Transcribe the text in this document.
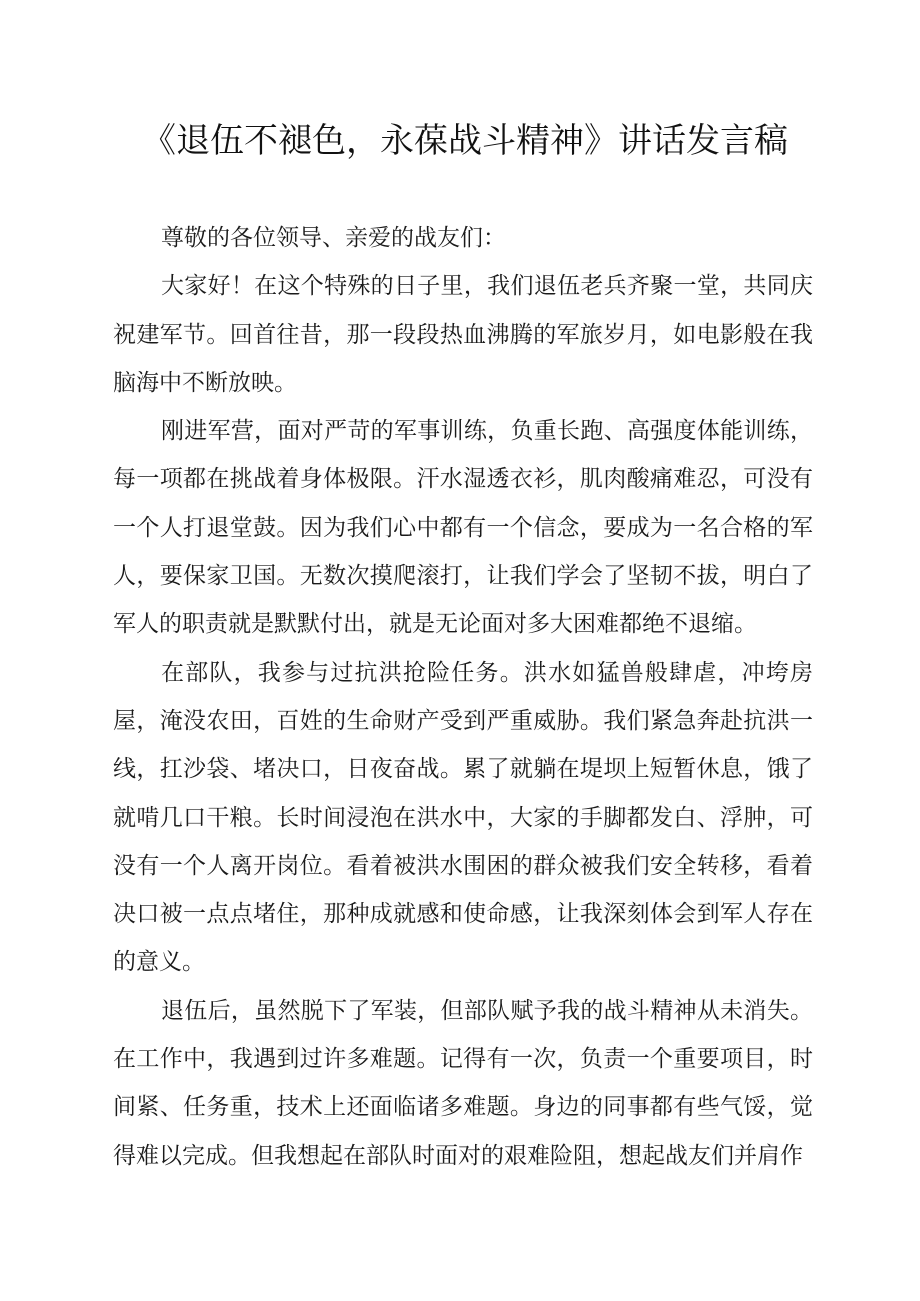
《退伍不褪色，永葆战斗精神》讲话发言稿

尊敬的各位领导、亲爱的战友们：

大家好！在这个特殊的日子里，我们退伍老兵齐聚一堂，共同庆祝建军节。回首往昔，那一段段热血沸腾的军旅岁月，如电影般在我脑海中不断放映。

刚进军营，面对严苛的军事训练，负重长跑、高强度体能训练，每一项都在挑战着身体极限。汗水湿透衣衫，肌肉酸痛难忍，可没有一个人打退堂鼓。因为我们心中都有一个信念，要成为一名合格的军人，要保家卫国。无数次摸爬滚打，让我们学会了坚韧不拔，明白了军人的职责就是默默付出，就是无论面对多大困难都绝不退缩。

在部队，我参与过抗洪抢险任务。洪水如猛兽般肆虐，冲垮房屋，淹没农田，百姓的生命财产受到严重威胁。我们紧急奔赴抗洪一线，扛沙袋、堵决口，日夜奋战。累了就躺在堤坝上短暂休息，饿了就啃几口干粮。长时间浸泡在洪水中，大家的手脚都发白、浮肿，可没有一个人离开岗位。看着被洪水围困的群众被我们安全转移，看着决口被一点点堵住，那种成就感和使命感，让我深刻体会到军人存在的意义。

退伍后，虽然脱下了军装，但部队赋予我的战斗精神从未消失。在工作中，我遇到过许多难题。记得有一次，负责一个重要项目，时间紧、任务重，技术上还面临诸多难题。身边的同事都有些气馁，觉得难以完成。但我想起在部队时面对的艰难险阻，想起战友们并肩作
